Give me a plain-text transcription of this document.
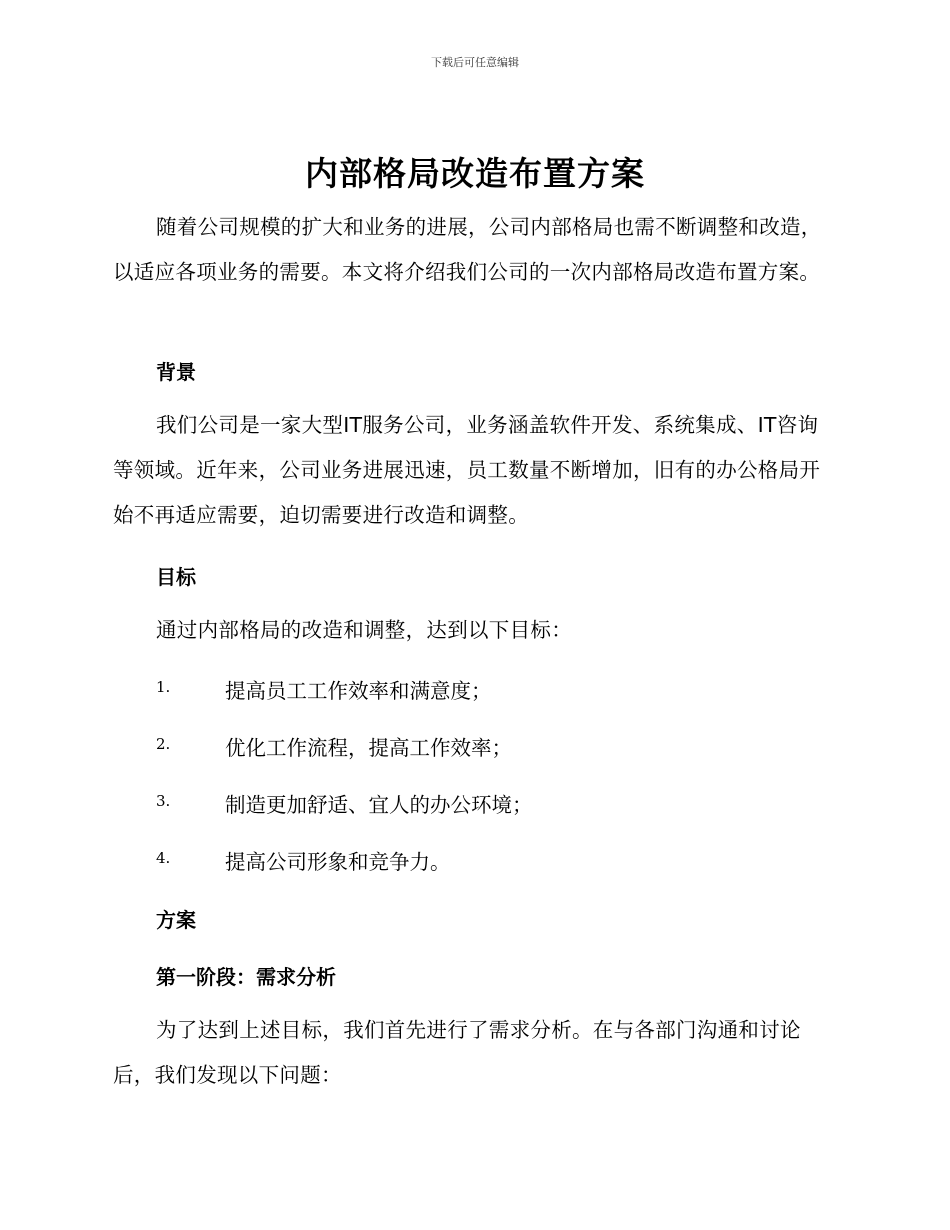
下载后可任意编辑
内部格局改造布置方案

随着公司规模的扩大和业务的进展，公司内部格局也需不断调整和改造，以适应各项业务的需要。本文将介绍我们公司的一次内部格局改造布置方案。

背景

我们公司是一家大型IT服务公司，业务涵盖软件开发、系统集成、IT咨询等领域。近年来，公司业务进展迅速，员工数量不断增加，旧有的办公格局开始不再适应需要，迫切需要进行改造和调整。

目标

通过内部格局的改造和调整，达到以下目标：

1.	提高员工工作效率和满意度；
2.	优化工作流程，提高工作效率；
3.	制造更加舒适、宜人的办公环境；
4.	提高公司形象和竞争力。
方案
第一阶段：需求分析

为了达到上述目标，我们首先进行了需求分析。在与各部门沟通和讨论后，我们发现以下问题：
